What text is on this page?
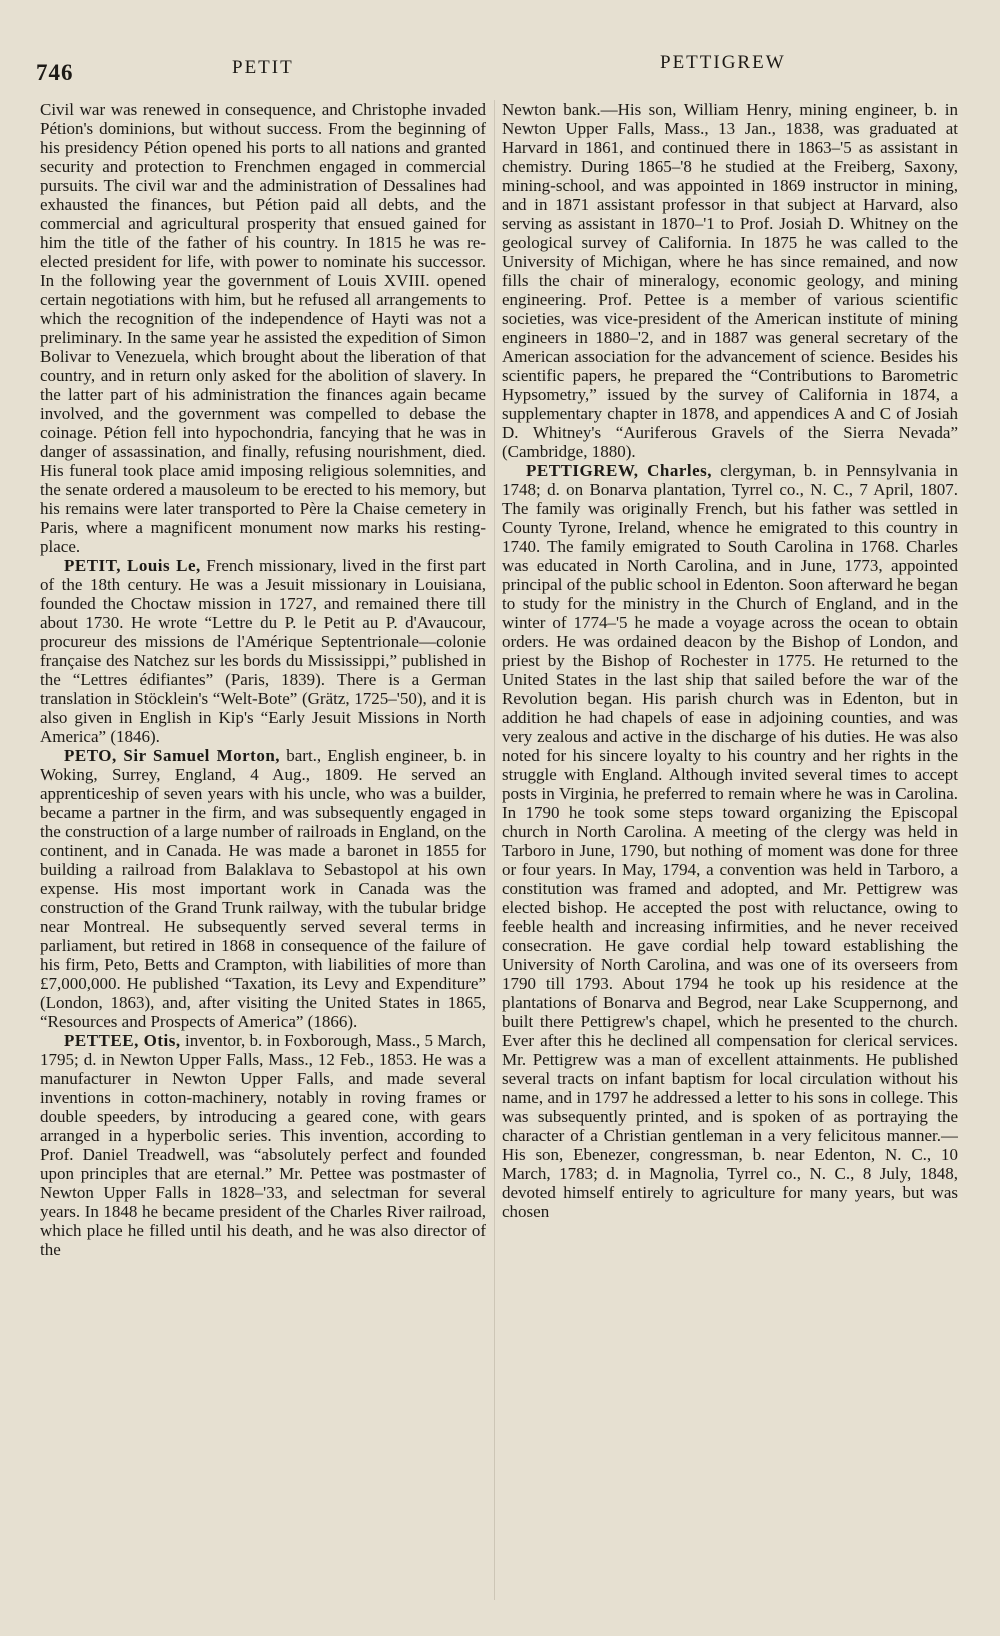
746	PETIT	PETTIGREW

Civil war was renewed in consequence, and Christophe invaded Pétion's dominions, but without success. From the beginning of his presidency Pétion opened his ports to all nations and granted security and protection to Frenchmen engaged in commercial pursuits. The civil war and the administration of Dessalines had exhausted the finances, but Pétion paid all debts, and the commercial and agricultural prosperity that ensued gained for him the title of the father of his country. In 1815 he was re-elected president for life, with power to nominate his successor. In the following year the government of Louis XVIII. opened certain negotiations with him, but he refused all arrangements to which the recognition of the independence of Hayti was not a preliminary. In the same year he assisted the expedition of Simon Bolivar to Venezuela, which brought about the liberation of that country, and in return only asked for the abolition of slavery. In the latter part of his administration the finances again became involved, and the government was compelled to debase the coinage. Pétion fell into hypochondria, fancying that he was in danger of assassination, and finally, refusing nourishment, died. His funeral took place amid imposing religious solemnities, and the senate ordered a mausoleum to be erected to his memory, but his remains were later transported to Père la Chaise cemetery in Paris, where a magnificent monument now marks his resting-place.

PETIT, Louis Le, French missionary, lived in the first part of the 18th century. He was a Jesuit missionary in Louisiana, founded the Choctaw mission in 1727, and remained there till about 1730. He wrote “Lettre du P. le Petit au P. d'Avaucour, procureur des missions de l'Amérique Septentrionale—colonie française des Natchez sur les bords du Mississippi,” published in the “Lettres édifiantes” (Paris, 1839). There is a German translation in Stöcklein's “Welt-Bote” (Grätz, 1725–'50), and it is also given in English in Kip's “Early Jesuit Missions in North America” (1846).

PETO, Sir Samuel Morton, bart., English engineer, b. in Woking, Surrey, England, 4 Aug., 1809. He served an apprenticeship of seven years with his uncle, who was a builder, became a partner in the firm, and was subsequently engaged in the construction of a large number of railroads in England, on the continent, and in Canada. He was made a baronet in 1855 for building a railroad from Balaklava to Sebastopol at his own expense. His most important work in Canada was the construction of the Grand Trunk railway, with the tubular bridge near Montreal. He subsequently served several terms in parliament, but retired in 1868 in consequence of the failure of his firm, Peto, Betts and Crampton, with liabilities of more than £7,000,000. He published “Taxation, its Levy and Expenditure” (London, 1863), and, after visiting the United States in 1865, “Resources and Prospects of America” (1866).

PETTEE, Otis, inventor, b. in Foxborough, Mass., 5 March, 1795; d. in Newton Upper Falls, Mass., 12 Feb., 1853. He was a manufacturer in Newton Upper Falls, and made several inventions in cotton-machinery, notably in roving frames or double speeders, by introducing a geared cone, with gears arranged in a hyperbolic series. This invention, according to Prof. Daniel Treadwell, was “absolutely perfect and founded upon principles that are eternal.” Mr. Pettee was postmaster of Newton Upper Falls in 1828–'33, and selectman for several years. In 1848 he became president of the Charles River railroad, which place he filled until his death, and he was also director of the

Newton bank.—His son, William Henry, mining engineer, b. in Newton Upper Falls, Mass., 13 Jan., 1838, was graduated at Harvard in 1861, and continued there in 1863–'5 as assistant in chemistry. During 1865–'8 he studied at the Freiberg, Saxony, mining-school, and was appointed in 1869 instructor in mining, and in 1871 assistant professor in that subject at Harvard, also serving as assistant in 1870–'1 to Prof. Josiah D. Whitney on the geological survey of California. In 1875 he was called to the University of Michigan, where he has since remained, and now fills the chair of mineralogy, economic geology, and mining engineering. Prof. Pettee is a member of various scientific societies, was vice-president of the American institute of mining engineers in 1880–'2, and in 1887 was general secretary of the American association for the advancement of science. Besides his scientific papers, he prepared the “Contributions to Barometric Hypsometry,” issued by the survey of California in 1874, a supplementary chapter in 1878, and appendices A and C of Josiah D. Whitney's “Auriferous Gravels of the Sierra Nevada” (Cambridge, 1880).

PETTIGREW, Charles, clergyman, b. in Pennsylvania in 1748; d. on Bonarva plantation, Tyrrel co., N. C., 7 April, 1807. The family was originally French, but his father was settled in County Tyrone, Ireland, whence he emigrated to this country in 1740. The family emigrated to South Carolina in 1768. Charles was educated in North Carolina, and in June, 1773, appointed principal of the public school in Edenton. Soon afterward he began to study for the ministry in the Church of England, and in the winter of 1774–'5 he made a voyage across the ocean to obtain orders. He was ordained deacon by the Bishop of London, and priest by the Bishop of Rochester in 1775. He returned to the United States in the last ship that sailed before the war of the Revolution began. His parish church was in Edenton, but in addition he had chapels of ease in adjoining counties, and was very zealous and active in the discharge of his duties. He was also noted for his sincere loyalty to his country and her rights in the struggle with England. Although invited several times to accept posts in Virginia, he preferred to remain where he was in Carolina. In 1790 he took some steps toward organizing the Episcopal church in North Carolina. A meeting of the clergy was held in Tarboro in June, 1790, but nothing of moment was done for three or four years. In May, 1794, a convention was held in Tarboro, a constitution was framed and adopted, and Mr. Pettigrew was elected bishop. He accepted the post with reluctance, owing to feeble health and increasing infirmities, and he never received consecration. He gave cordial help toward establishing the University of North Carolina, and was one of its overseers from 1790 till 1793. About 1794 he took up his residence at the plantations of Bonarva and Begrod, near Lake Scuppernong, and built there Pettigrew's chapel, which he presented to the church. Ever after this he declined all compensation for clerical services. Mr. Pettigrew was a man of excellent attainments. He published several tracts on infant baptism for local circulation without his name, and in 1797 he addressed a letter to his sons in college. This was subsequently printed, and is spoken of as portraying the character of a Christian gentleman in a very felicitous manner.—His son, Ebenezer, congressman, b. near Edenton, N. C., 10 March, 1783; d. in Magnolia, Tyrrel co., N. C., 8 July, 1848, devoted himself entirely to agriculture for many years, but was chosen
